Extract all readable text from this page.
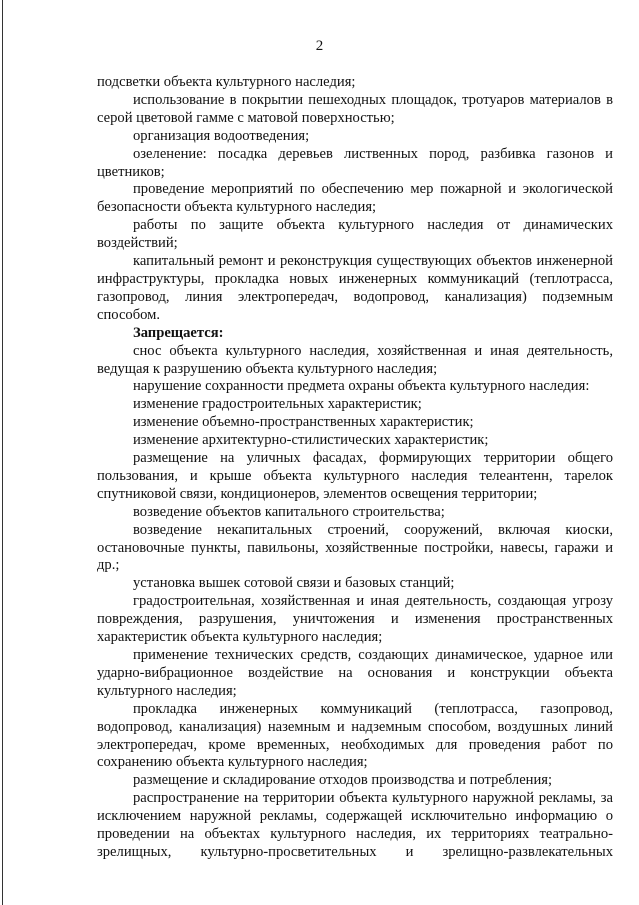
2

подсветки объекта культурного наследия;

использование в покрытии пешеходных площадок, тротуаров материалов в серой цветовой гамме с матовой поверхностью;

организация водоотведения;

озеленение: посадка деревьев лиственных пород, разбивка газонов и цветников;

проведение мероприятий по обеспечению мер пожарной и экологической безопасности объекта культурного наследия;

работы по защите объекта культурного наследия от динамических воздействий;

капитальный ремонт и реконструкция существующих объектов инженерной инфраструктуры, прокладка новых инженерных коммуникаций (теплотрасса, газопровод, линия электропередач, водопровод, канализация) подземным способом.

Запрещается:

снос объекта культурного наследия, хозяйственная и иная деятельность, ведущая к разрушению объекта культурного наследия;

нарушение сохранности предмета охраны объекта культурного наследия:

изменение градостроительных характеристик;

изменение объемно-пространственных характеристик;

изменение архитектурно-стилистических характеристик;

размещение на уличных фасадах, формирующих территории общего пользования, и крыше объекта культурного наследия телеантенн, тарелок спутниковой связи, кондиционеров, элементов освещения территории;

возведение объектов капитального строительства;

возведение некапитальных строений, сооружений, включая киоски, остановочные пункты, павильоны, хозяйственные постройки, навесы, гаражи и др.;

установка вышек сотовой связи и базовых станций;

градостроительная, хозяйственная и иная деятельность, создающая угрозу повреждения, разрушения, уничтожения и изменения пространственных характеристик объекта культурного наследия;

применение технических средств, создающих динамическое, ударное или ударно-вибрационное воздействие на основания и конструкции объекта культурного наследия;

прокладка инженерных коммуникаций (теплотрасса, газопровод, водопровод, канализация) наземным и надземным способом, воздушных линий электропередач, кроме временных, необходимых для проведения работ по сохранению объекта культурного наследия;

размещение и складирование отходов производства и потребления;

распространение на территории объекта культурного наружной рекламы, за исключением наружной рекламы, содержащей исключительно информацию о проведении на объектах культурного наследия, их территориях театрально-зрелищных, культурно-просветительных и зрелищно-развлекательных
